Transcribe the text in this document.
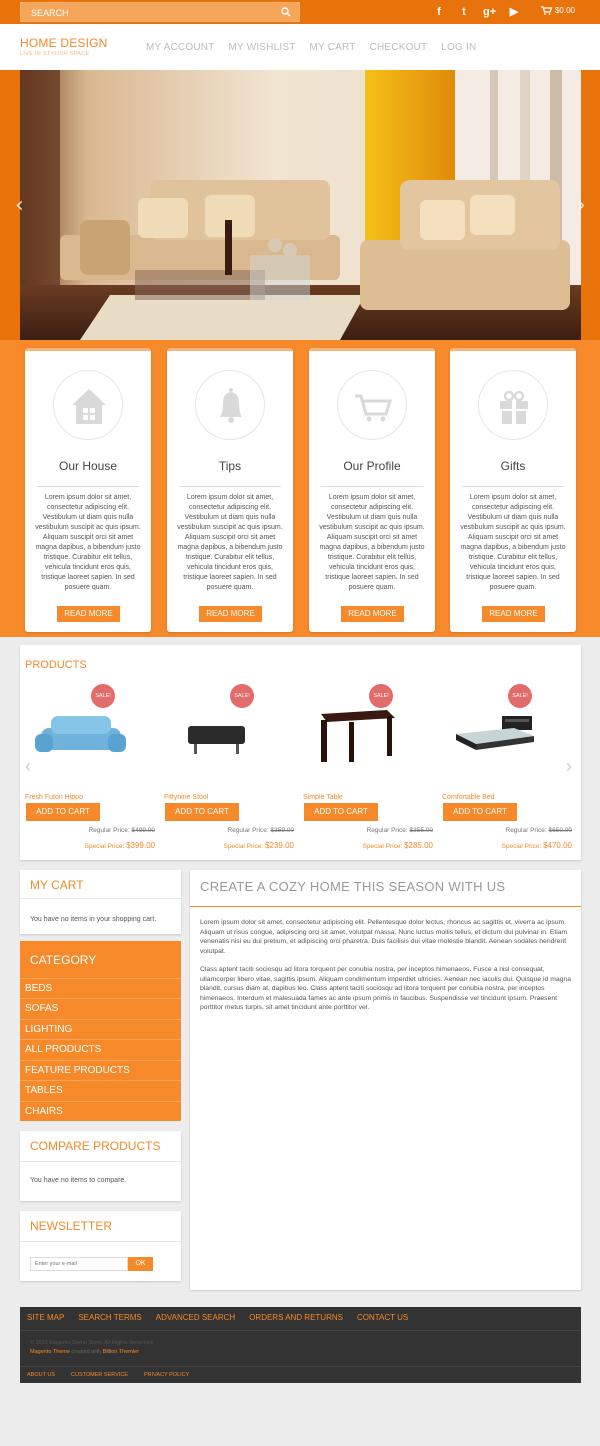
SEARCH
f	t	g+ ▶	$0.00
HOME DESIGN
LIVE IN STYLISH SPACE
MY ACCOUNT MY WISHLIST MY CART CHECKOUT LOG IN
‹	›
Our House
Lorem ipsum dolor sit amet, consectetur adipiscing elit. Vestibulum ut diam quis nulla vestibulum suscipit ac quis ipsum. Aliquam suscipit orci sit amet magna dapibus, a bibendum justo tristique. Curabitur elit tellus, vehicula tincidunt eros quis, tristique laoreet sapien. In sed posuere quam.
READ MORE
Tips
Lorem ipsum dolor sit amet, consectetur adipiscing elit. Vestibulum ut diam quis nulla vestibulum suscipit ac quis ipsum. Aliquam suscipit orci sit amet magna dapibus, a bibendum justo tristique. Curabitur elit tellus, vehicula tincidunt eros quis, tristique laoreet sapien. In sed posuere quam.
READ MORE
Our Profile
Lorem ipsum dolor sit amet, consectetur adipiscing elit. Vestibulum ut diam quis nulla vestibulum suscipit ac quis ipsum. Aliquam suscipit orci sit amet magna dapibus, a bibendum justo tristique. Curabitur elit tellus, vehicula tincidunt eros quis, tristique laoreet sapien. In sed posuere quam.
READ MORE
Gifts
Lorem ipsum dolor sit amet, consectetur adipiscing elit. Vestibulum ut diam quis nulla vestibulum suscipit ac quis ipsum. Aliquam suscipit orci sit amet magna dapibus, a bibendum justo tristique. Curabitur elit tellus, vehicula tincidunt eros quis, tristique laoreet sapien. In sed posuere quam.
READ MORE
PRODUCTS
‹	›
SALE!
Fresh Futon Hippo
ADD TO CART
Regular Price: $499.00
Special Price: $399.00
SALE!
Fiftynine Stool
ADD TO CART
Regular Price: $359.00
Special Price: $239.00
SALE!
Simple Table
ADD TO CART
Regular Price: $355.00
Special Price: $285.00
SALE!
Comfortable Bed
ADD TO CART
Regular Price: $650.00
Special Price: $470.00
MY CART
You have no items in your shopping cart.
CATEGORY
BEDS
SOFAS
LIGHTING
ALL PRODUCTS
FEATURE PRODUCTS
TABLES
CHAIRS
COMPARE PRODUCTS
You have no items to compare.
NEWSLETTER
Enter your e-mail
OK
CREATE A COZY HOME THIS SEASON WITH US
Lorem ipsum dolor sit amet, consectetur adipiscing elit. Pellentesque dolor lectus, rhoncus ac sagittis et, viverra ac ipsum. Aliquam ut risus congue, adipiscing orci sit amet, volutpat massa. Nunc luctus mollis tellus, et dictum dui pulvinar in. Etiam venenatis nisi eu dui pretium, et adipiscing orci pharetra. Duis facilisis dui vitae molestie blandit. Aenean sodales hendrerit volutpat.
Class aptent taciti sociosqu ad litora torquent per conubia nostra, per inceptos himenaeos. Fusce a nisl consequat, ullamcorper libero vitae, sagittis ipsum. Aliquam condimentum imperdiet ultricies. Aenean nec iaculis dui. Quisque id magna blandit, cursus diam at, dapibus leo. Class aptent taciti sociosqu ad litora torquent per conubia nostra, per inceptos himenaeos. Interdum et malesuada fames ac ante ipsum primis in faucibus. Suspendisse vel tincidunt ipsum. Praesent porttitor metus turpis, sit amet tincidunt ante porttitor vel.
SITE MAP SEARCH TERMS ADVANCED SEARCH ORDERS AND RETURNS CONTACT US
© 2013 Magento Demo Store. All Rights Reserved.
Magento Theme created with Billion Themler
ABOUT US	CUSTOMER SERVICE	PRIVACY POLICY
